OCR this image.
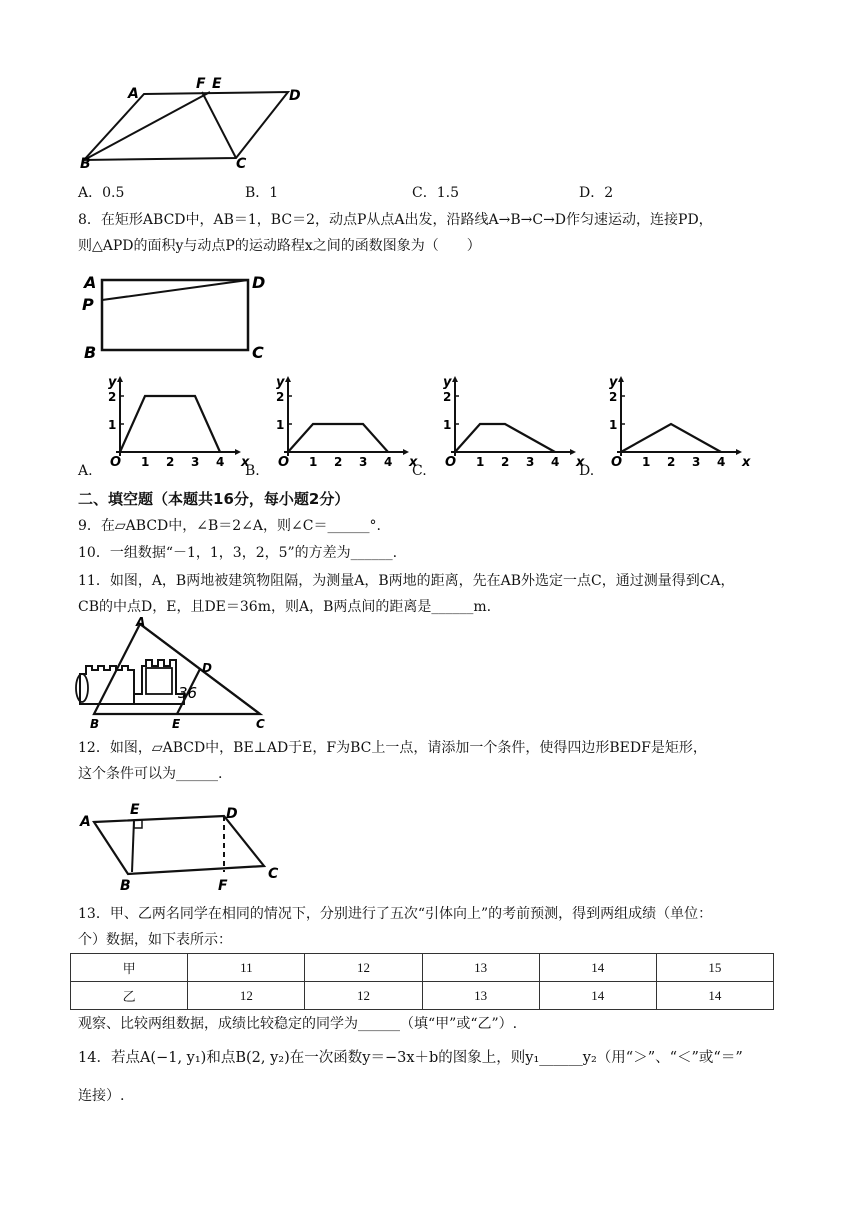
A
F E
D
B	C
A．0.5	B．1	C．1.5	D．2
8．在矩形ABCD中，AB＝1，BC＝2，动点P从点A出发，沿路线A→B→C→D作匀速运动，连接PD，
则△APD的面积y与动点P的运动路程x之间的函数图象为（　　）
A
P
D
B	C
1
2
1 2 3 4
O	x
y
1
2
1 2 3 4
O	x
y
1
2
1 2 3 4
O	x
y
1
2
1 2 3 4
O	x
y
A.	B.	C.	D.
二、填空题（本题共16分，每小题2分）
9．在▱ABCD中，∠B＝2∠A，则∠C＝______°.
10．一组数据“－1，1，3，2，5”的方差为______.
11．如图，A，B两地被建筑物阻隔，为测量A，B两地的距离，先在AB外选定一点C，通过测量得到CA，
CB的中点D，E，且DE＝36m，则A，B两点间的距离是______m.
A
D
B	E	C
36
12．如图，▱ABCD中，BE⊥AD于E，F为BC上一点，请添加一个条件，使得四边形BEDF是矩形，
这个条件可以为______.
A
E	D
B	F
C
13．甲、乙两名同学在相同的情况下，分别进行了五次“引体向上”的考前预测，得到两组成绩（单位：
个）数据，如下表所示：
甲	11	12	13	14	15
乙	12	12	13	14	14
观察、比较两组数据，成绩比较稳定的同学为______（填“甲”或“乙”）.
14．若点A(−1, y₁)和点B(2, y₂)在一次函数y＝−3x＋b的图象上，则y₁______y₂（用“＞”、“＜”或“＝”
连接）.
